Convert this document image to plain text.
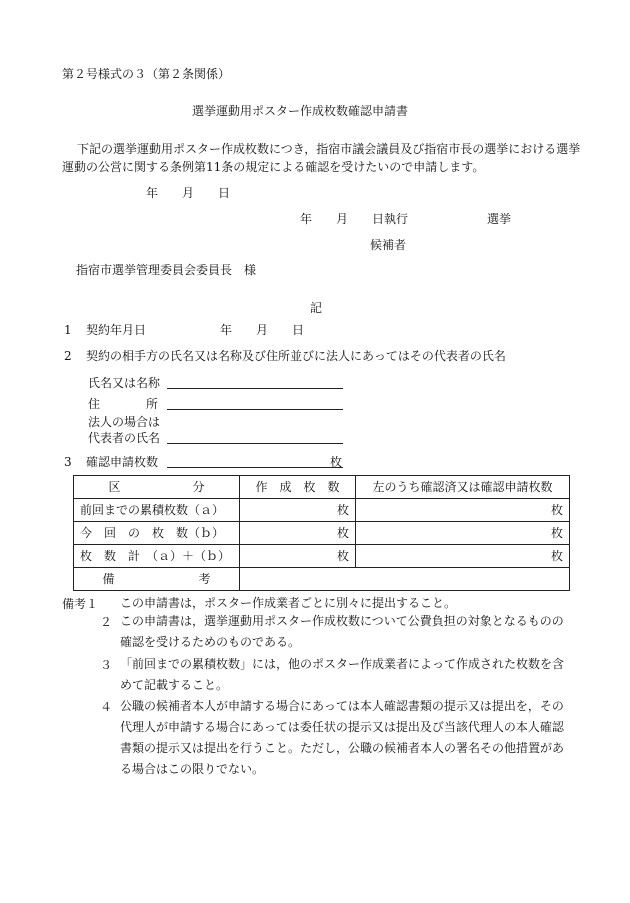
第２号様式の３（第２条関係）
選挙運動用ポスター作成枚数確認申請書
下記の選挙運動用ポスター作成枚数につき，指宿市議会議員及び指宿市長の選挙における選挙
運動の公営に関する条例第11条の規定による確認を受けたいので申請します。
年　　月　　日
年　　月　　日執行	選挙
候補者
指宿市選挙管理委員会委員長　様
記
1 契約年月日	年　　月　　日
2 契約の相手方の氏名又は名称及び住所並びに法人にあってはその代表者の氏名
氏名又は名称
住	所
法人の場合は
代表者の氏名
3 確認申請枚数	枚
区　　　　　　分	作　成　枚　数	左のうち確認済又は確認申請枚数
前回までの累積枚数（ａ）	枚	枚
今　回　の　枚　数（ｂ）	枚	枚
枚　数　計　（ａ）＋（ｂ）	枚	枚
備　　　　　　　考		
備考１ この申請書は，ポスター作成業者ごとに別々に提出すること。
２ この申請書は，選挙運動用ポスター作成枚数について公費負担の対象となるものの確認を受けるためのものである。
３ 「前回までの累積枚数」には，他のポスター作成業者によって作成された枚数を含めて記載すること。
４ 公職の候補者本人が申請する場合にあっては本人確認書類の提示又は提出を，その代理人が申請する場合にあっては委任状の提示又は提出及び当該代理人の本人確認書類の提示又は提出を行うこと。ただし，公職の候補者本人の署名その他措置がある場合はこの限りでない。
